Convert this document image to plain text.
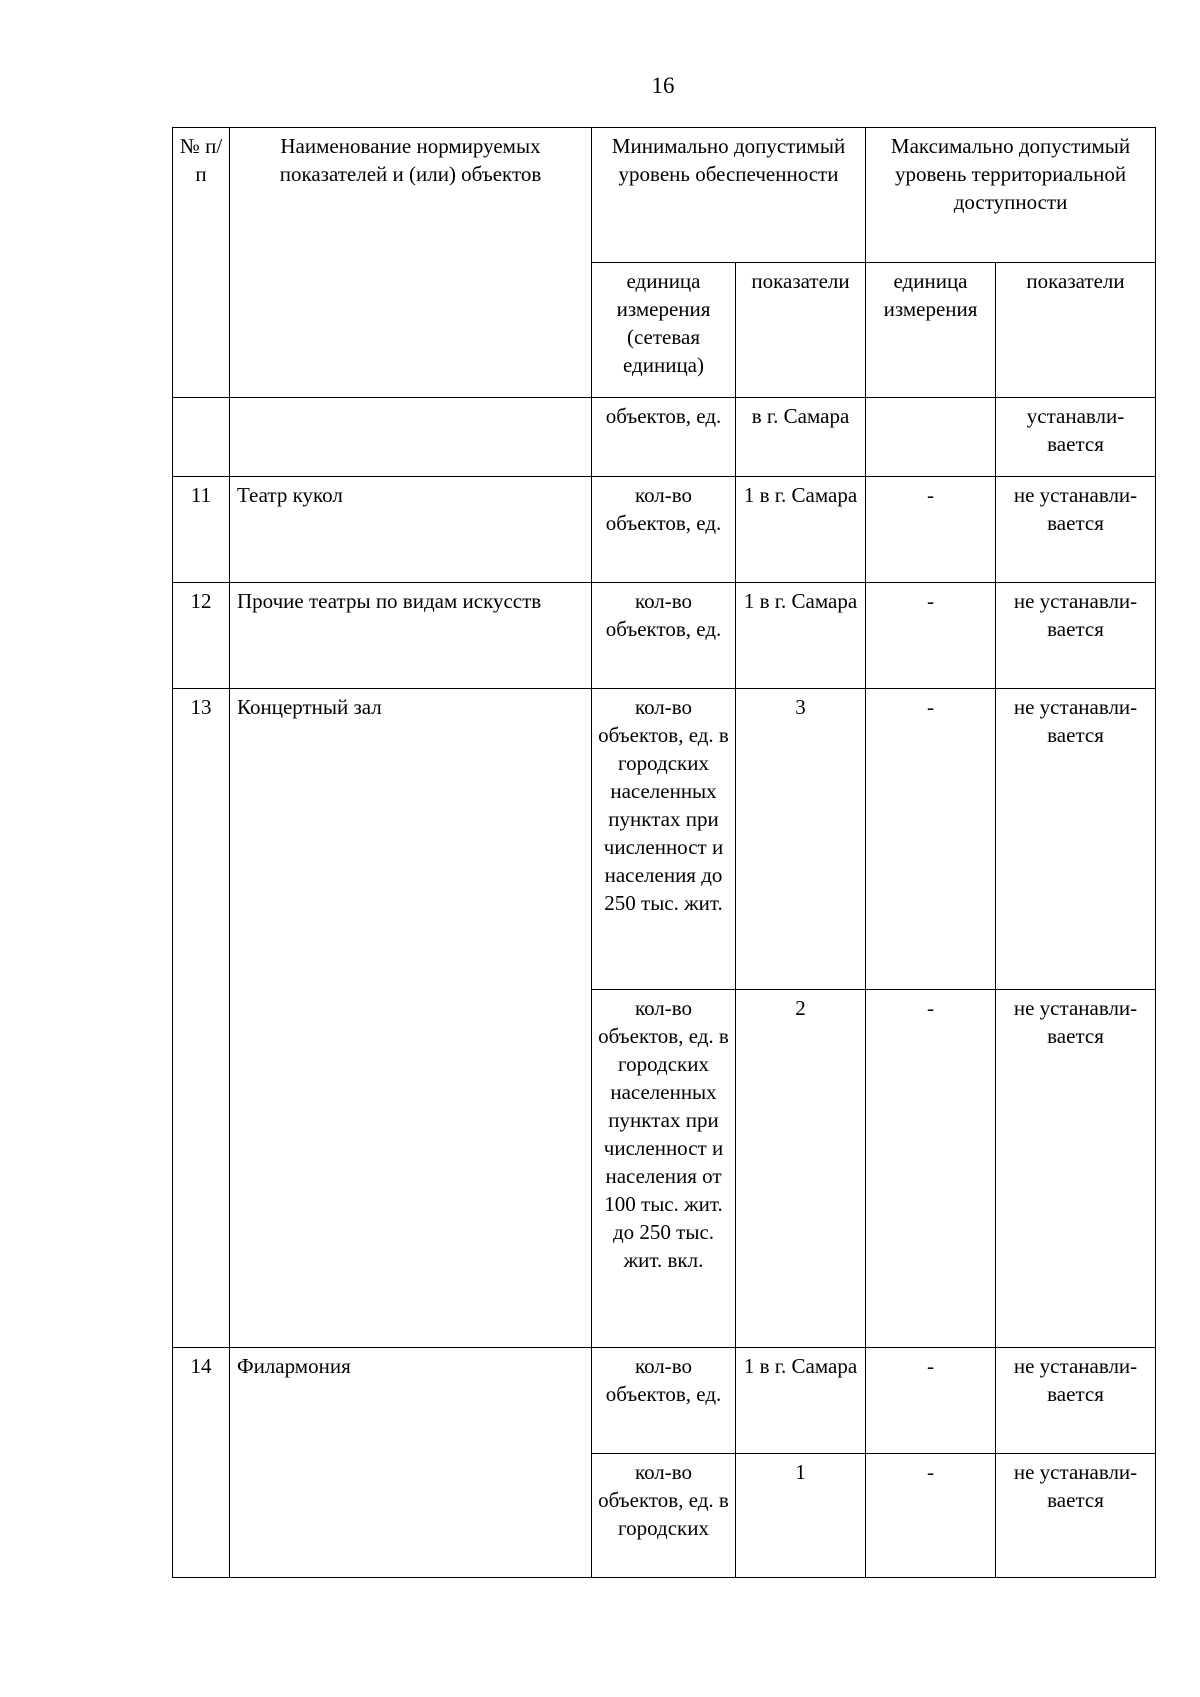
16
№ п/п	Наименование нормируемых показателей и (или) объектов	Минимально допустимый уровень обеспеченности		Максимально допустимый уровень территориальной доступности	
		единица измерения (сетевая единица)	показатели	единица измерения	показатели
		объектов, ед.	в г. Самара		устанавли-вается
11	Театр кукол	кол-во объектов, ед.	1 в г. Самара	-	не устанавли-вается
12	Прочие театры по видам искусств	кол-во объектов, ед.	1 в г. Самара	-	не устанавли-вается
13	Концертный зал	кол-во объектов, ед. в городских населенных пунктах при численност и населения до 250 тыс. жит.	3	-	не устанавли-вается
		кол-во объектов, ед. в городских населенных пунктах при численност и населения от 100 тыс. жит. до 250 тыс. жит. вкл.	2	-	не устанавли-вается
14	Филармония	кол-во объектов, ед.	1 в г. Самара	-	не устанавли-вается
		кол-во объектов, ед. в городских	1	-	не устанавли-вается
